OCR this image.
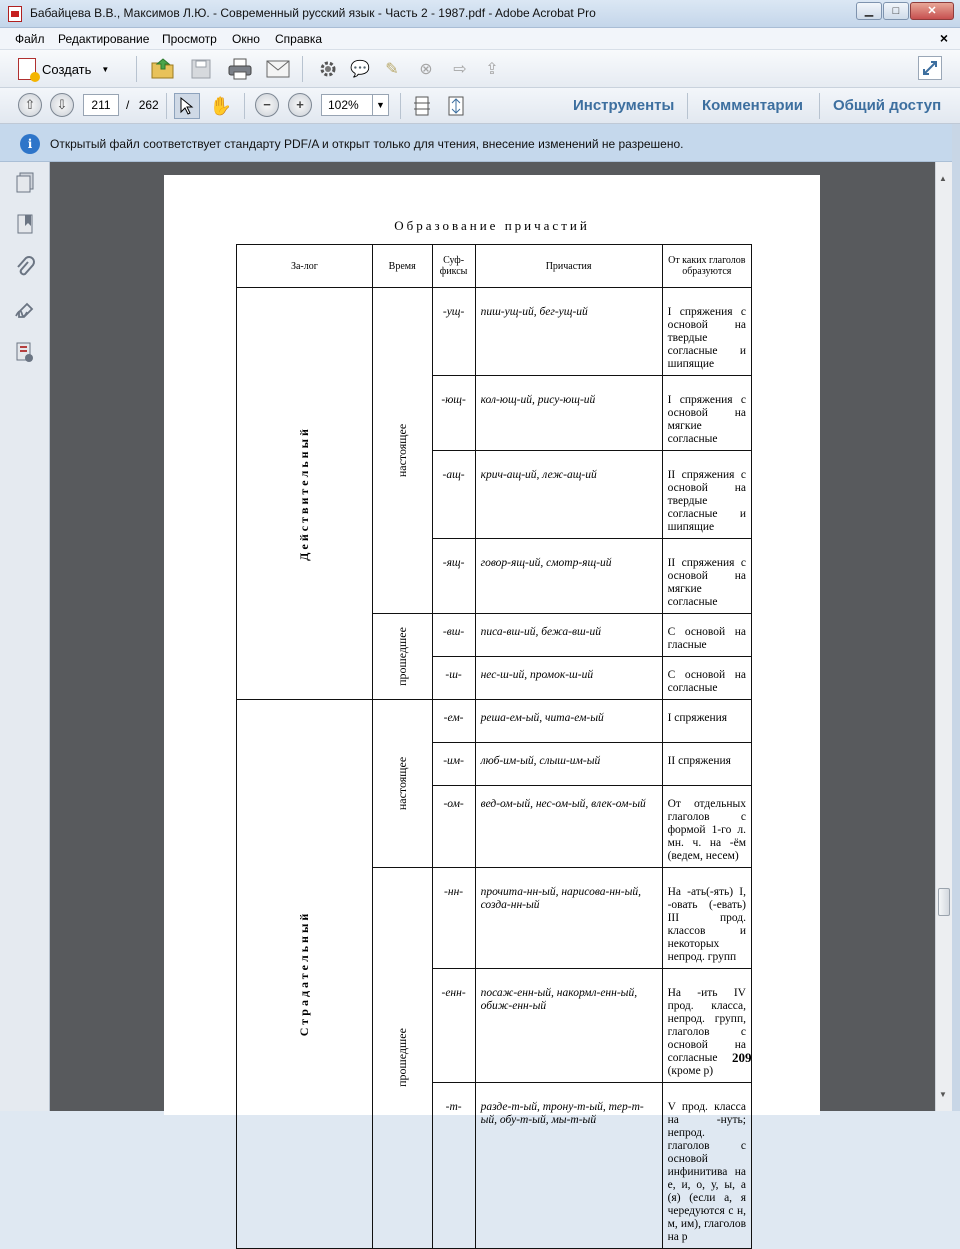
Бабайцева В.В., Максимов Л.Ю. - Современный русский язык - Часть 2 - 1987.pdf - Adobe Acrobat Pro	▁	□	✕
Файл Редактирование Просмотр Окно Справка	×
Создать ▼	💬 ✎	⊗	⇨	⇪
⇧	⇩	211	/ 262	✋	−	+	102%	▼	Инструменты Комментарии Общий доступ
i	Открытый файл соответствует стандарту PDF/A и открыт только для чтения, внесение изменений не разрешено.
Образование причастий
За-лог	Время	Суф-фиксы	Причастия	От каких глаголов образуются
Действительный	настоящее	-ущ-	пиш-ущ-ий, бег-ущ-ий	I спряжения с основой на твердые согласные и шипящие
		-ющ-	кол-ющ-ий, рису-ющ-ий	I спряжения с основой на мягкие согласные
		-ащ-	крич-ащ-ий, леж-ащ-ий	II спряжения с основой на твердые согласные и шипящие
		-ящ-	говор-ящ-ий, смотр-ящ-ий	II спряжения с основой на мягкие согласные
	прошедшее	-вш-	писа-вш-ий, бежа-вш-ий	С основой на гласные
		-ш-	нес-ш-ий, промок-ш-ий	С основой на согласные
Страдательный	настоящее	-ем-	реша-ем-ый, чита-ем-ый	I спряжения
		-им-	люб-им-ый, слыш-им-ый	II спряжения
		-ом-	вед-ом-ый, нес-ом-ый, влек-ом-ый	От отдельных глаголов с формой 1-го л. мн. ч. на -ём (ведем, несем)
	прошедшее	-нн-	прочита-нн-ый, нарисова-нн-ый, созда-нн-ый	На -ать(-ять) I, -овать (-евать) III прод. классов и некоторых непрод. групп
		-енн-	посаж-енн-ый, накормл-енн-ый, обиж-енн-ый	На -ить IV прод. класса, непрод. групп, глаголов с основой на согласные (кроме р)
		-т-	разде-т-ый, трону-т-ый, тер-т-ый, обу-т-ый, мы-т-ый	V прод. класса на -нуть; непрод. глаголов с основой инфинитива на е, и, о, у, ы, а (я) (если а, я чередуются с н, м, им), глаголов на р
209
▲
▼
